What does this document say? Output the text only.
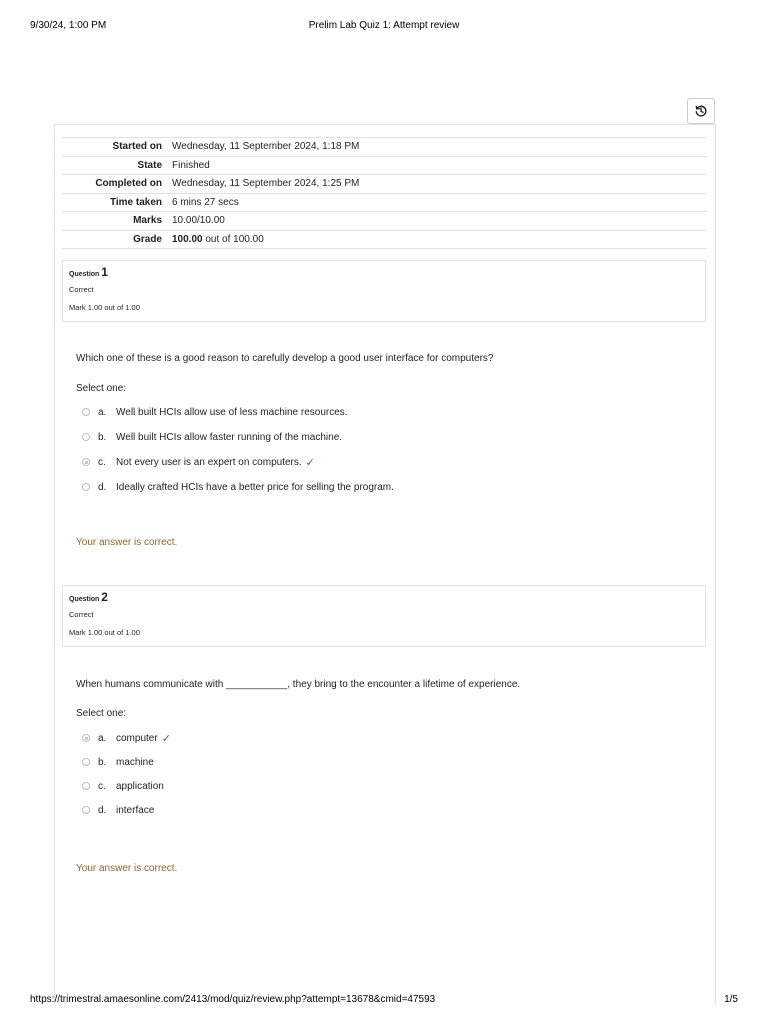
9/30/24, 1:00 PM	Prelim Lab Quiz 1: Attempt review
Started on	Wednesday, 11 September 2024, 1:18 PM
State	Finished
Completed on	Wednesday, 11 September 2024, 1:25 PM
Time taken	6 mins 27 secs
Marks	10.00/10.00
Grade	100.00 out of 100.00
Question 1
Correct
Mark 1.00 out of 1.00
Which one of these is a good reason to carefully develop a good user interface for computers?
Select one:
a. Well built HCIs allow use of less machine resources.
b. Well built HCIs allow faster running of the machine.
c.	Not every user is an expert on computers. ✓
d. Ideally crafted HCIs have a better price for selling the program.
Your answer is correct.
Question 2
Correct
Mark 1.00 out of 1.00
When humans communicate with ___________, they bring to the encounter a lifetime of experience.
Select one:
a. computer ✓
b. machine
c.	application
d. interface
Your answer is correct.
https://trimestral.amaesonline.com/2413/mod/quiz/review.php?attempt=13678&cmid=47593	1/5
